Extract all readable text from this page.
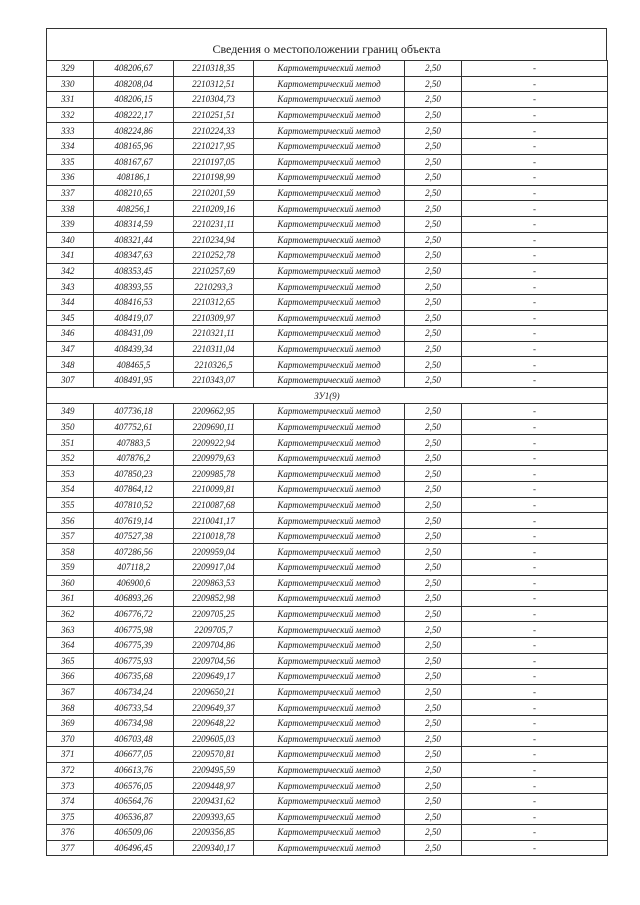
Сведения о местоположении границ объекта
329	408206,67	2210318,35	Картометрический метод	2,50	-
330	408208,04	2210312,51	Картометрический метод	2,50	-
331	408206,15	2210304,73	Картометрический метод	2,50	-
332	408222,17	2210251,51	Картометрический метод	2,50	-
333	408224,86	2210224,33	Картометрический метод	2,50	-
334	408165,96	2210217,95	Картометрический метод	2,50	-
335	408167,67	2210197,05	Картометрический метод	2,50	-
336	408186,1	2210198,99	Картометрический метод	2,50	-
337	408210,65	2210201,59	Картометрический метод	2,50	-
338	408256,1	2210209,16	Картометрический метод	2,50	-
339	408314,59	2210231,11	Картометрический метод	2,50	-
340	408321,44	2210234,94	Картометрический метод	2,50	-
341	408347,63	2210252,78	Картометрический метод	2,50	-
342	408353,45	2210257,69	Картометрический метод	2,50	-
343	408393,55	2210293,3	Картометрический метод	2,50	-
344	408416,53	2210312,65	Картометрический метод	2,50	-
345	408419,07	2210309,97	Картометрический метод	2,50	-
346	408431,09	2210321,11	Картометрический метод	2,50	-
347	408439,34	2210311,04	Картометрический метод	2,50	-
348	408465,5	2210326,5	Картометрический метод	2,50	-
307	408491,95	2210343,07	Картометрический метод	2,50	-
ЗУ1(9)					
349	407736,18	2209662,95	Картометрический метод	2,50	-
350	407752,61	2209690,11	Картометрический метод	2,50	-
351	407883,5	2209922,94	Картометрический метод	2,50	-
352	407876,2	2209979,63	Картометрический метод	2,50	-
353	407850,23	2209985,78	Картометрический метод	2,50	-
354	407864,12	2210099,81	Картометрический метод	2,50	-
355	407810,52	2210087,68	Картометрический метод	2,50	-
356	407619,14	2210041,17	Картометрический метод	2,50	-
357	407527,38	2210018,78	Картометрический метод	2,50	-
358	407286,56	2209959,04	Картометрический метод	2,50	-
359	407118,2	2209917,04	Картометрический метод	2,50	-
360	406900,6	2209863,53	Картометрический метод	2,50	-
361	406893,26	2209852,98	Картометрический метод	2,50	-
362	406776,72	2209705,25	Картометрический метод	2,50	-
363	406775,98	2209705,7	Картометрический метод	2,50	-
364	406775,39	2209704,86	Картометрический метод	2,50	-
365	406775,93	2209704,56	Картометрический метод	2,50	-
366	406735,68	2209649,17	Картометрический метод	2,50	-
367	406734,24	2209650,21	Картометрический метод	2,50	-
368	406733,54	2209649,37	Картометрический метод	2,50	-
369	406734,98	2209648,22	Картометрический метод	2,50	-
370	406703,48	2209605,03	Картометрический метод	2,50	-
371	406677,05	2209570,81	Картометрический метод	2,50	-
372	406613,76	2209495,59	Картометрический метод	2,50	-
373	406576,05	2209448,97	Картометрический метод	2,50	-
374	406564,76	2209431,62	Картометрический метод	2,50	-
375	406536,87	2209393,65	Картометрический метод	2,50	-
376	406509,06	2209356,85	Картометрический метод	2,50	-
377	406496,45	2209340,17	Картометрический метод	2,50	-
